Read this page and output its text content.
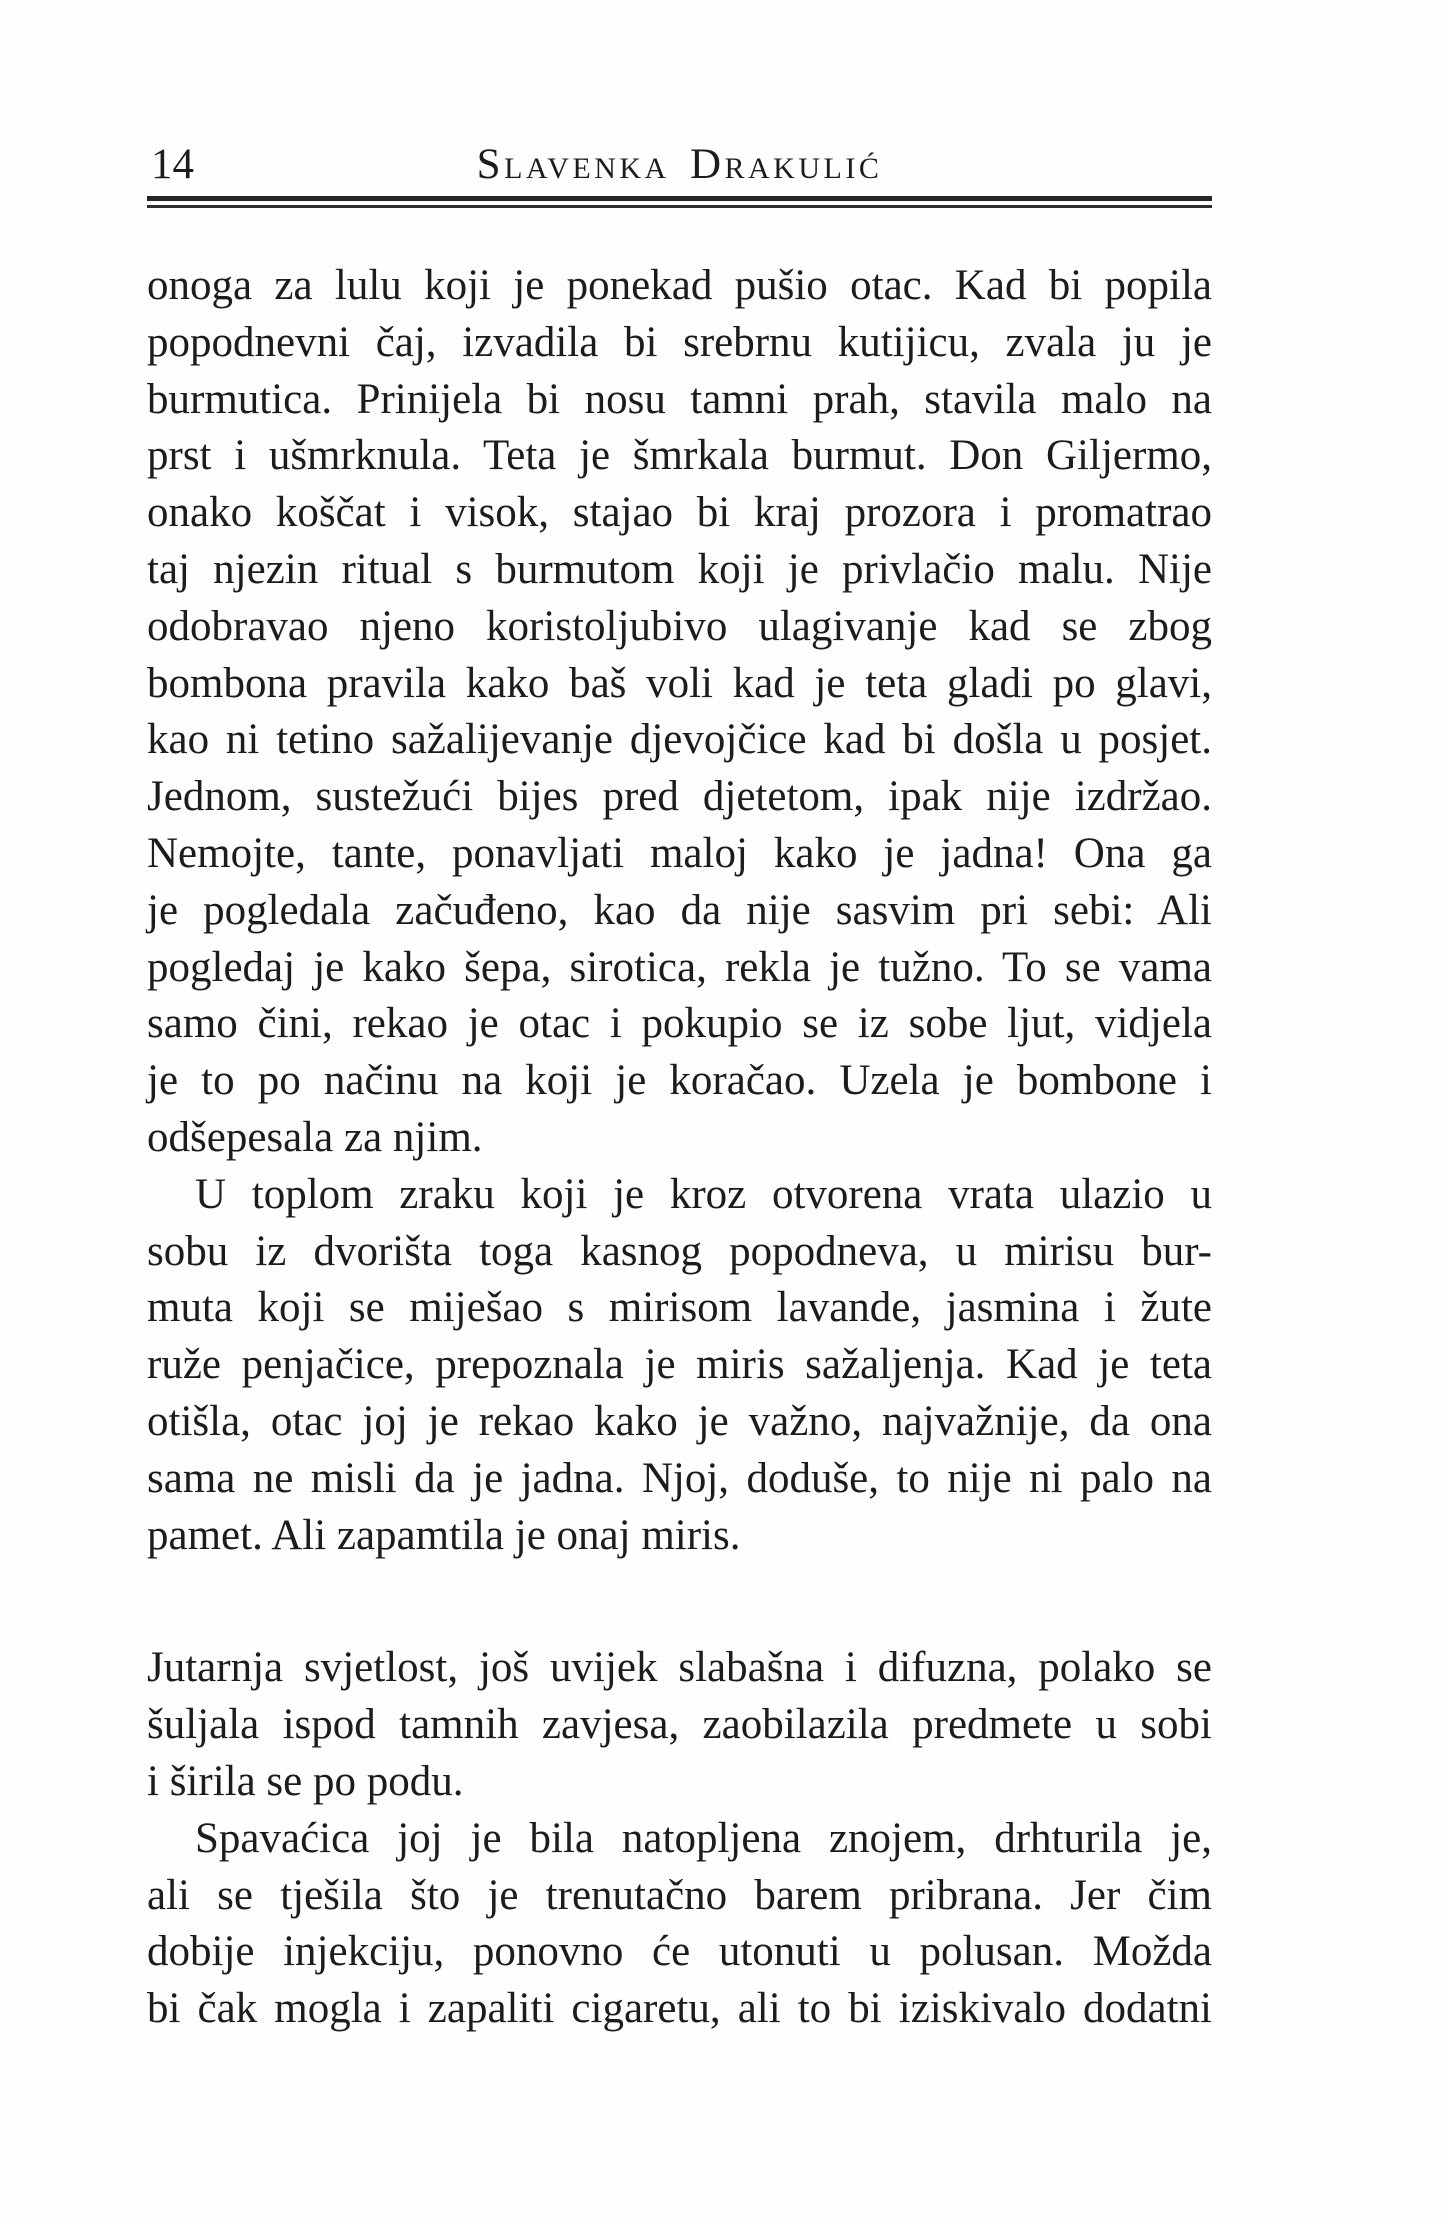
14	Slavenka Drakulić
onoga za lulu koji je ponekad pušio otac. Kad bi popila
popodnevni čaj, izvadila bi srebrnu kutijicu, zvala ju je
burmutica. Prinijela bi nosu tamni prah, stavila malo na
prst i ušmrknula. Teta je šmrkala burmut. Don Giljermo,
onako koščat i visok, stajao bi kraj prozora i promatrao
taj njezin ritual s burmutom koji je privlačio malu. Nije
odobravao njeno koristoljubivo ulagivanje kad se zbog
bombona pravila kako baš voli kad je teta gladi po glavi,
kao ni tetino sažalijevanje djevojčice kad bi došla u posjet.
Jednom, sustežući bijes pred djetetom, ipak nije izdržao.
Nemojte, tante, ponavljati maloj kako je jadna! Ona ga
je pogledala začuđeno, kao da nije sasvim pri sebi: Ali
pogledaj je kako šepa, sirotica, rekla je tužno. To se vama
samo čini, rekao je otac i pokupio se iz sobe ljut, vidjela
je to po načinu na koji je koračao. Uzela je bombone i
odšepesala za njim.
U toplom zraku koji je kroz otvorena vrata ulazio u
sobu iz dvorišta toga kasnog popodneva, u mirisu bur-
muta koji se miješao s mirisom lavande, jasmina i žute
ruže penjačice, prepoznala je miris sažaljenja. Kad je teta
otišla, otac joj je rekao kako je važno, najvažnije, da ona
sama ne misli da je jadna. Njoj, doduše, to nije ni palo na
pamet. Ali zapamtila je onaj miris.
Jutarnja svjetlost, još uvijek slabašna i difuzna, polako se
šuljala ispod tamnih zavjesa, zaobilazila predmete u sobi
i širila se po podu.
Spavaćica joj je bila natopljena znojem, drhturila je,
ali se tješila što je trenutačno barem pribrana. Jer čim
dobije injekciju, ponovno će utonuti u polusan. Možda
bi čak mogla i zapaliti cigaretu, ali to bi iziskivalo dodatni
